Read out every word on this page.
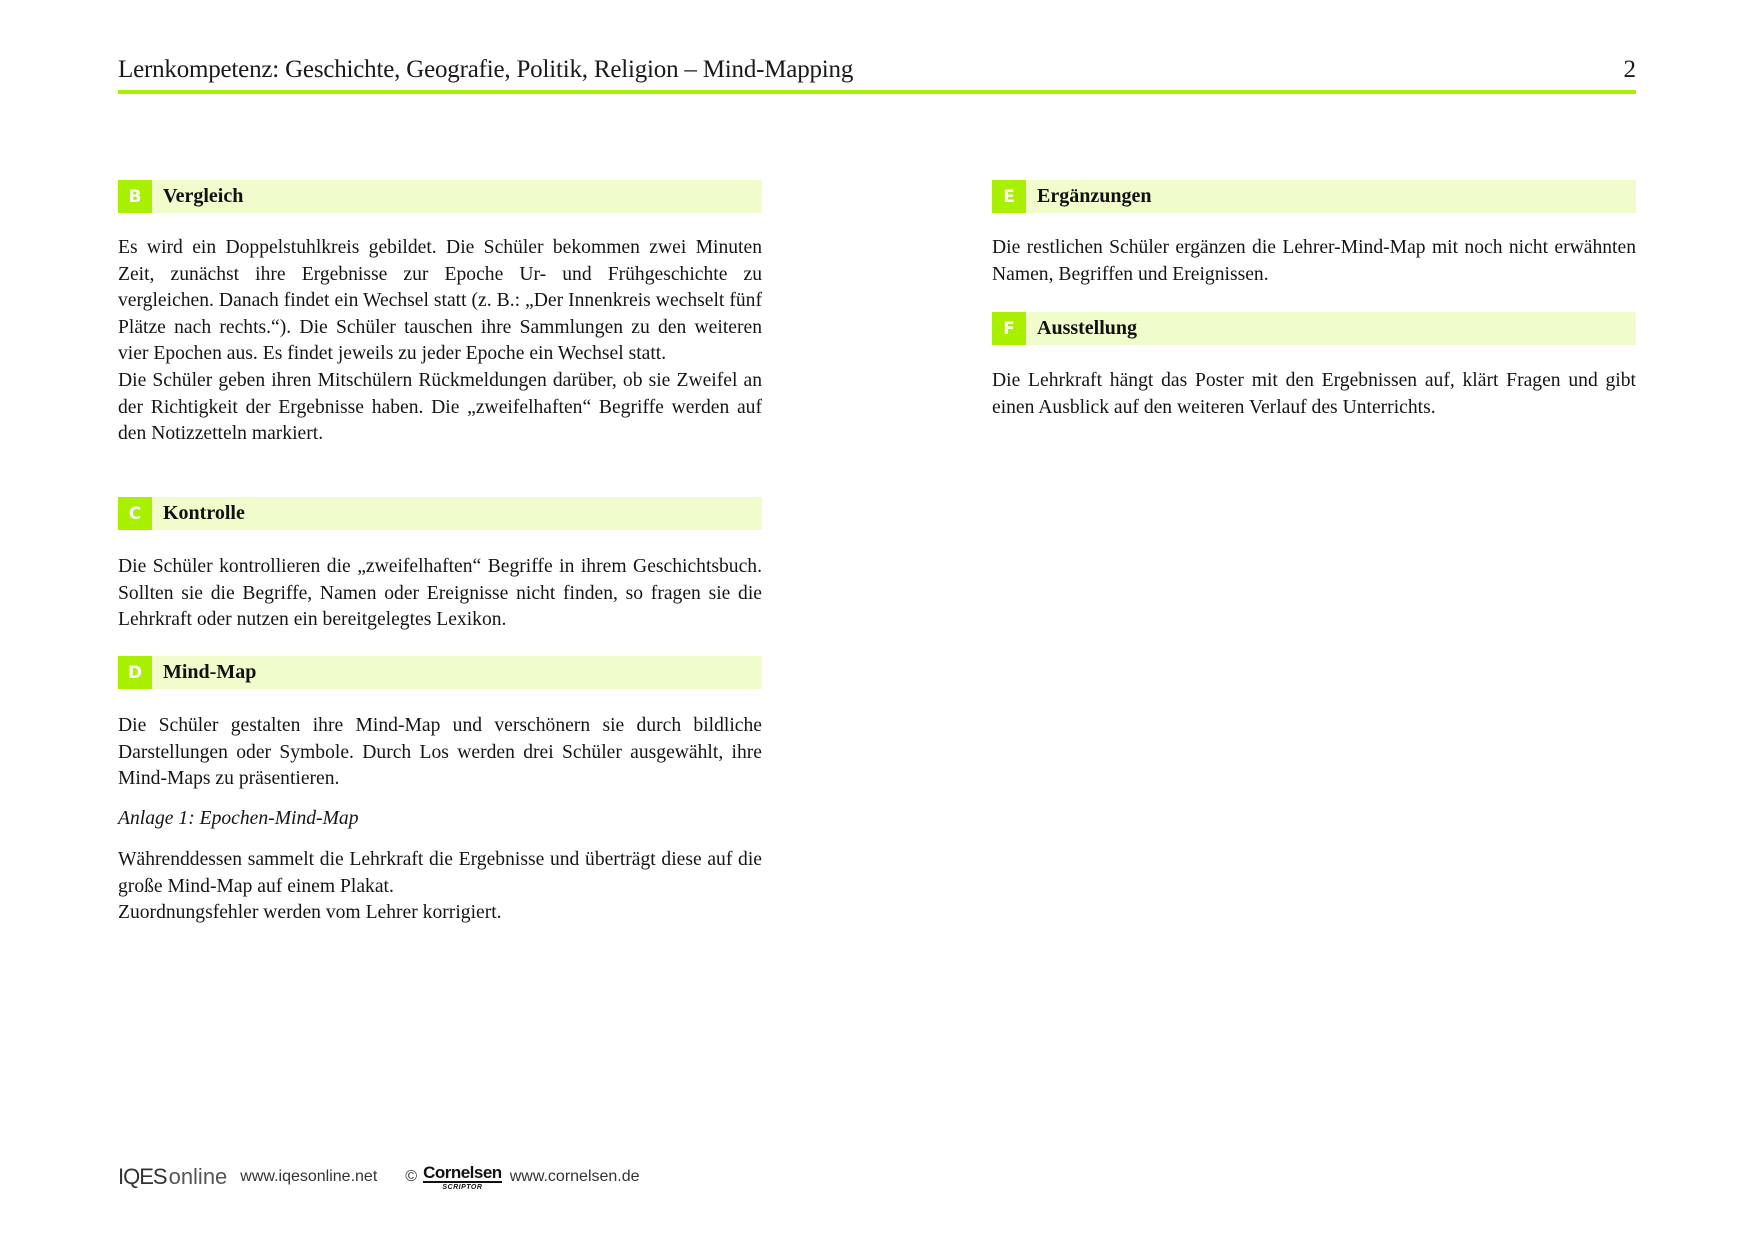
Lernkompetenz: Geschichte, Geografie, Politik, Religion – Mind-Mapping	2
B	Vergleich

Es wird ein Doppelstuhlkreis gebildet. Die Schüler bekommen zwei Minuten Zeit, zunächst ihre Ergebnisse zur Epoche Ur- und Frühgeschichte zu vergleichen. Danach findet ein Wechsel statt (z. B.: „Der Innenkreis wechselt fünf Plätze nach rechts.“). Die Schüler tauschen ihre Sammlungen zu den weiteren vier Epochen aus. Es findet jeweils zu jeder Epoche ein Wechsel statt.

Die Schüler geben ihren Mitschülern Rückmeldungen darüber, ob sie Zweifel an der Richtigkeit der Ergebnisse haben. Die „zweifelhaften“ Begriffe werden auf den Notizzetteln markiert.

C	Kontrolle

Die Schüler kontrollieren die „zweifelhaften“ Begriffe in ihrem Geschichtsbuch. Sollten sie die Begriffe, Namen oder Ereignisse nicht finden, so fragen sie die Lehrkraft oder nutzen ein bereitgelegtes Lexikon.

D	Mind-Map

Die Schüler gestalten ihre Mind-Map und verschönern sie durch bildliche Darstellungen oder Symbole. Durch Los werden drei Schüler ausgewählt, ihre Mind-Maps zu präsentieren.

Anlage 1: Epochen-Mind-Map

Währenddessen sammelt die Lehrkraft die Ergebnisse und überträgt diese auf die große Mind-Map auf einem Plakat.

Zuordnungsfehler werden vom Lehrer korrigiert.

E	Ergänzungen

Die restlichen Schüler ergänzen die Lehrer-Mind-Map mit noch nicht erwähnten Namen, Begriffen und Ereignissen.

F	Ausstellung

Die Lehrkraft hängt das Poster mit den Ergebnissen auf, klärt Fragen und gibt einen Ausblick auf den weiteren Verlauf des Unterrichts.

IQESonline www.iqesonline.net © Cornelsen
SCRIPTOR
www.cornelsen.de
